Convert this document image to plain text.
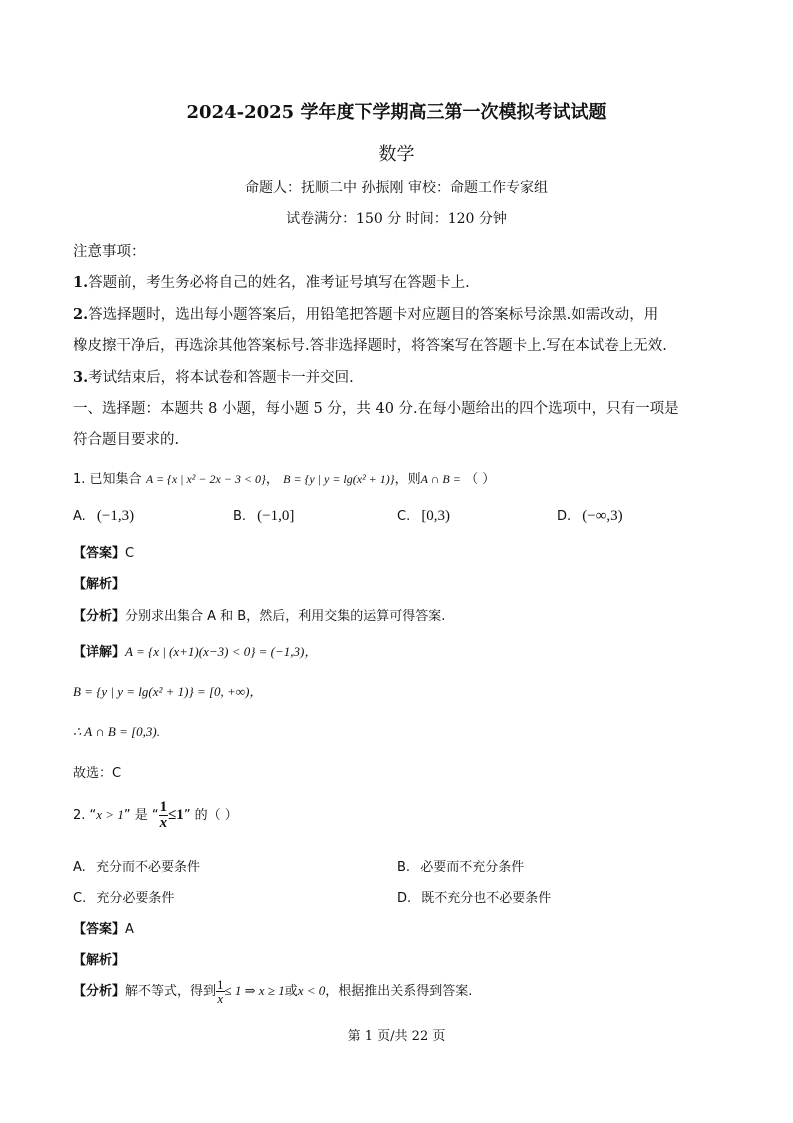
2024-2025 学年度下学期高三第一次模拟考试试题
数学
命题人：抚顺二中 孙振刚 审校：命题工作专家组
试卷满分：150 分 时间：120 分钟
注意事项：
1.答题前，考生务必将自己的姓名，准考证号填写在答题卡上.
2.答选择题时，选出每小题答案后，用铅笔把答题卡对应题目的答案标号涂黑.如需改动，用
橡皮擦干净后，再选涂其他答案标号.答非选择题时，将答案写在答题卡上.写在本试卷上无效.
3.考试结束后，将本试卷和答题卡一并交回.
一、选择题：本题共 8 小题，每小题 5 分，共 40 分.在每小题给出的四个选项中，只有一项是
符合题目要求的.
1. 已知集合 A = {x | x² − 2x − 3 < 0}， B = {y | y = lg(x² + 1)}，则A ∩ B = （ ）
A. (−1,3)	B. (−1,0]	C. [0,3)	D. (−∞,3)
【答案】C
【解析】
【分析】分别求出集合 A 和 B，然后，利用交集的运算可得答案.
【详解】A = {x | (x+1)(x−3) < 0} = (−1,3)，
B = {y | y = lg(x² + 1)} = [0, +∞)，
∴ A ∩ B = [0,3).
故选：C
2. “x > 1” 是 “ $\frac{1}{x} \le 1$” 的（ ）
A. 充分而不必要条件	B. 必要而不充分条件
C. 充分必要条件	D. 既不充分也不必要条件
【答案】A
【解析】
【分析】解不等式，得到 $\frac{1}{x} \le 1$ ⇒ x ≥ 1或x < 0，根据推出关系得到答案.
第 1 页/共 22 页
